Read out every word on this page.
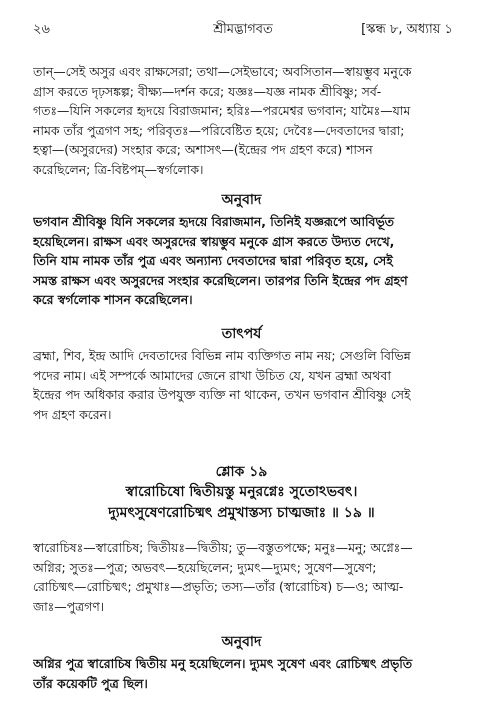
২৬	শ্রীমদ্ভাগবত	[স্কন্ধ ৮, অধ্যায় ১
তান্—সেই অসুর এবং রাক্ষসেরা; তথা—সেইভাবে; অবসিতান—স্বায়ম্ভুব মনুকে
গ্রাস করতে দৃঢ়সঙ্কল্প; বীক্ষ্য—দর্শন করে; যজ্ঞঃ—যজ্ঞ নামক শ্রীবিষ্ণু; সর্ব-
গতঃ—যিনি সকলের হৃদয়ে বিরাজমান; হরিঃ—পরমেশ্বর ভগবান; যামৈঃ—যাম
নামক তাঁর পুত্রগণ সহ; পরিবৃতঃ—পরিবেষ্টিত হয়ে; দেবৈঃ—দেবতাদের দ্বারা;
হত্বা—(অসুরদের) সংহার করে; অশাসৎ—(ইন্দ্রের পদ গ্রহণ করে) শাসন
করেছিলেন; ত্রি-বিষ্টপম্—স্বর্গলোক।
অনুবাদ
ভগবান শ্রীবিষ্ণু যিনি সকলের হৃদয়ে বিরাজমান, তিনিই যজ্ঞরূপে আবির্ভূত
হয়েছিলেন। রাক্ষস এবং অসুরদের স্বায়ম্ভুব মনুকে গ্রাস করতে উদ্যত দেখে,
তিনি যাম নামক তাঁর পুত্র এবং অন্যান্য দেবতাদের দ্বারা পরিবৃত হয়ে, সেই
সমস্ত রাক্ষস এবং অসুরদের সংহার করেছিলেন। তারপর তিনি ইন্দ্রের পদ গ্রহণ
করে স্বর্গলোক শাসন করেছিলেন।
তাৎপর্য
ব্রহ্মা, শিব, ইন্দ্র আদি দেবতাদের বিভিন্ন নাম ব্যক্তিগত নাম নয়; সেগুলি বিভিন্ন
পদের নাম। এই সম্পর্কে আমাদের জেনে রাখা উচিত যে, যখন ব্রহ্মা অথবা
ইন্দ্রের পদ অধিকার করার উপযুক্ত ব্যক্তি না থাকেন, তখন ভগবান শ্রীবিষ্ণু সেই
পদ গ্রহণ করেন।
শ্লোক ১৯
স্বারোচিষো দ্বিতীয়স্তু মনুরগ্নেঃ সুতোঽভবৎ।
দ্যুমৎসুষেণরোচিষ্মৎ প্রমুখাস্তস্য চাত্মজাঃ ॥ ১৯ ॥
স্বারোচিষঃ—স্বারোচিষ; দ্বিতীয়ঃ—দ্বিতীয়; তু—বস্তুতপক্ষে; মনুঃ—মনু; অগ্নেঃ—
অগ্নির; সুতঃ—পুত্র; অভবৎ—হয়েছিলেন; দ্যুমৎ—দ্যুমৎ; সুষেণ—সুষেণ;
রোচিষ্মৎ—রোচিষ্মৎ; প্রমুখাঃ—প্রভৃতি; তস্য—তাঁর (স্বারোচিষ) চ—ও; আত্ম-
জাঃ—পুত্রগণ।
অনুবাদ
অগ্নির পুত্র স্বারোচিষ দ্বিতীয় মনু হয়েছিলেন। দ্যুমৎ সুষেণ এবং রোচিষ্মৎ প্রভৃতি
তাঁর কয়েকটি পুত্র ছিল।
